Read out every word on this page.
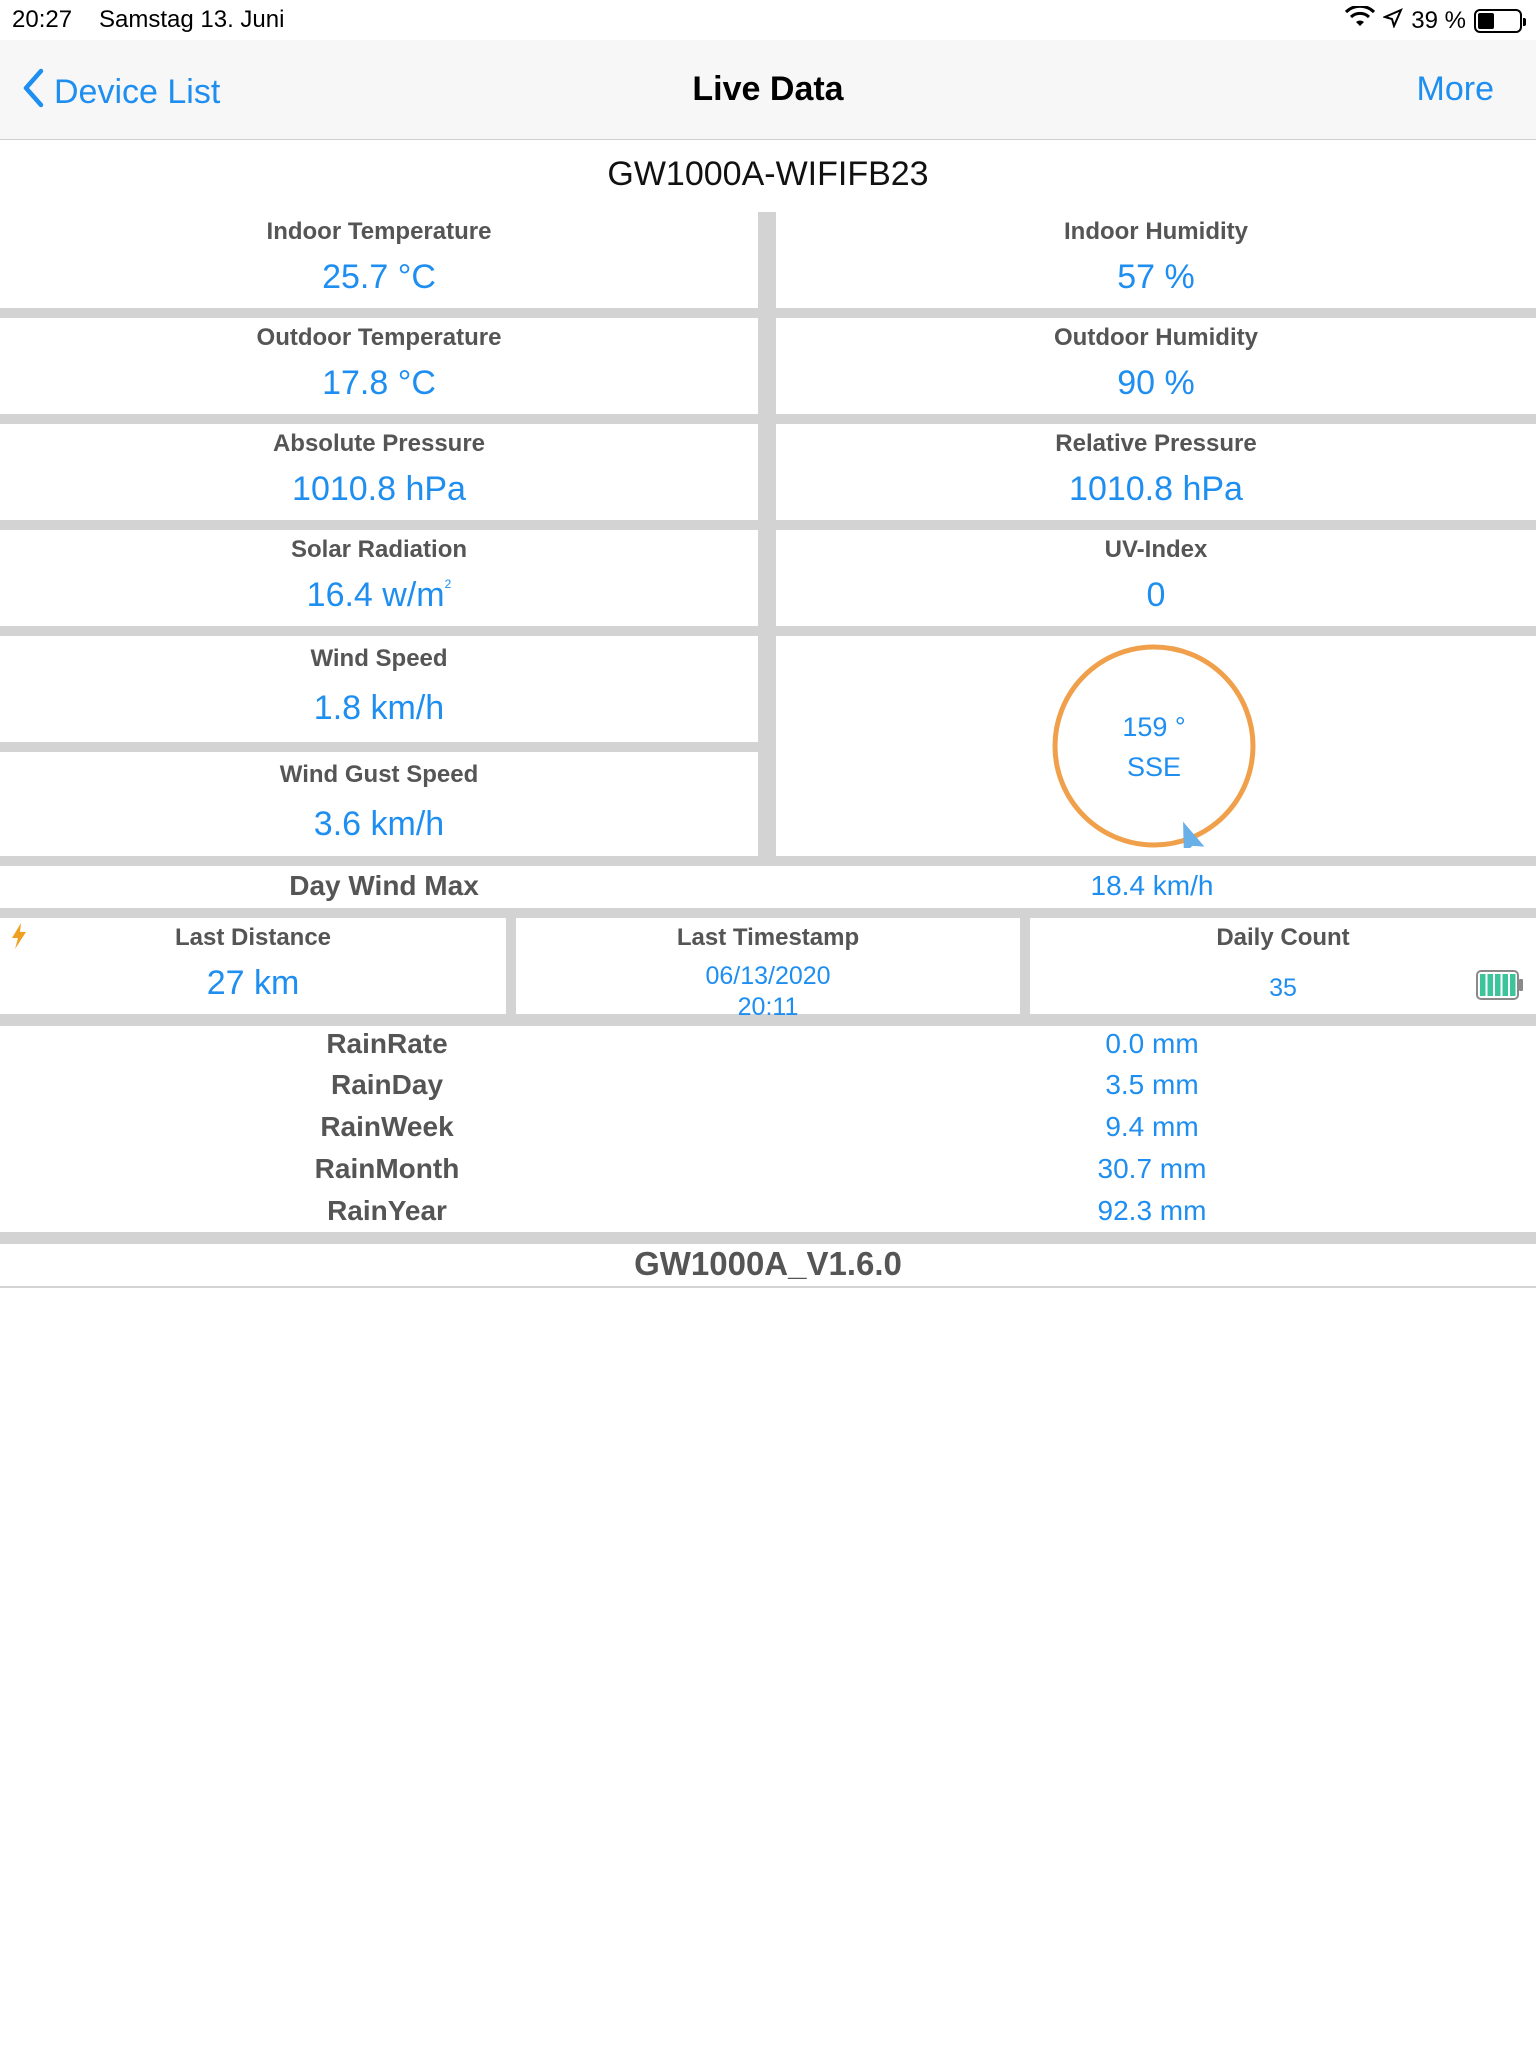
20:27 Samstag 13. Juni	39 %
Device List	Live Data	More
GW1000A-WIFIFB23
Indoor Temperature
25.7 °C
Indoor Humidity
57 %
Outdoor Temperature
17.8 °C
Outdoor Humidity
90 %
Absolute Pressure
1010.8 hPa
Relative Pressure
1010.8 hPa
Solar Radiation
16.4 $w/m^2$
UV-Index
0
Wind Speed
1.8 km/h
Wind Gust Speed
3.6 km/h
159 °
SSE
Day Wind Max	18.4 km/h
Last Distance
27 km
Last Timestamp
06/13/2020
20:11
Daily Count
35
RainRate	0.0 mm
RainDay	3.5 mm
RainWeek	9.4 mm
RainMonth	30.7 mm
RainYear	92.3 mm
GW1000A_V1.6.0
